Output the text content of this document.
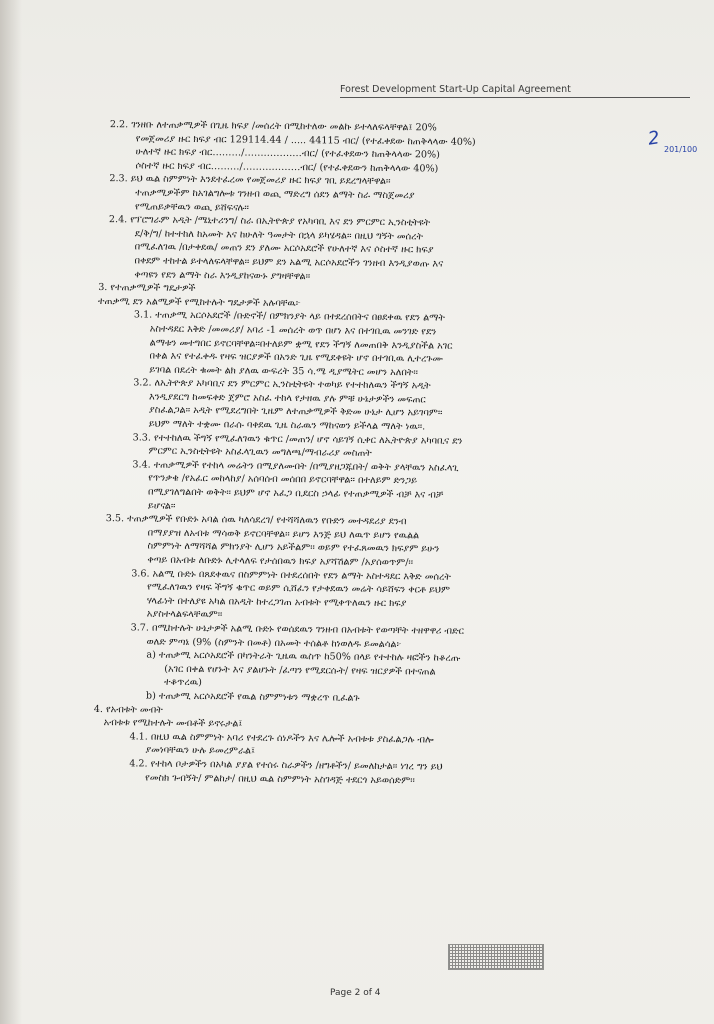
Forest Development Start-Up Capital Agreement
2 201/100
2.2. ገንዘቡ ለተጠቃሚዎች በጊዜ ክፍያ /መሰረት በሚከተለው መልኩ ይተላለፍላቸዋል፤ 20%
የመጀመሪያ ዙር ክፍያ ብር 129114.44 / ..... 44115 ብር/ (የተፈቀደው ከጠቅላላው 40%)
ሁለተኛ ዙር ክፍያ ብር………/………………ብር/ (የተፈቀደውን ከጠቅላላው 20%)
ሶስተኛ ዙር ክፍያ ብር………/………………ብር/ (የተፈቀደውን ከጠቅላላው 40%)
2.3. ይህ ዉል ስምምነት እንደተፈረመ የመጀመሪያ ዙር ክፍያ ገቢ ይደረግላቸዋል፡፡
ተጠቃሚዎችም ከአገልግሎቱ ገንዘብ ወጪ ማድረግ ሰደን ልማት ስራ ማስጀመሪያ
የሚጠይቃቸዉን ወጪ ይሸፍናሉ፡፡
2.4. የፕሮግራም አዲት /ሜኒተሪንግ/ ስራ በኢትዮጵያ የአካባቢ እና ደን ምርምር ኢንስቲትዩት
ደ/ቅ/ግ/ ከተተከለ ከአመት እና ከሁለት ዓመታት በኋላ ይካሄዳል፡፡ በዚህ ግኝት መሰረት
በሚፈለገዉ /በታቀደዉ/ መጠን ደን ያለሙ አርሶአደሮች የሁለተኛ እና ሶስተኛ ዙር ክፍያ
በቀደም ተከተል ይተላለፍላቸዋል፡፡ ይህም ደን አልሚ አርሶአደሮችን ገንዘብ እንዲያወጡ እና
ቀጣዩን የደን ልማት ስራ እንዲያከናውኑ ያግዛቸዋል፡፡
3. የተጠቃሚዎች ግዴታዎች
ተጠቃሚ ደን አልሚዎች የሚከተሉት ግዴታዎች አሉባቸዉ፦
3.1. ተጠቃሚ አርሶአደሮች /ቡድኖች/ በምክንያት ላይ በተደረሰበትና በፀደቀዉ የደን ልማት
አስተዳደር እቅድ /መመሪያ/ አባሪ -1 መሰረት ወጥ በሆነ እና በተገቢዉ መንገድ የደን
ልማቱን መተግበር ይኖርባቸዋል፡፡በተለይም ቋሚ የደን ችግኝ ለመጠበቅ እንዲያስችል አገር
በቀል እና የተፈቀዱ የዛፍ ዝርያዎች በአንድ ጊዜ የሚደቀዩት ሆኖ በተገቢዉ ሊተረጉሙ
ይገባል በደረት ቁመት ልክ ያለዉ ውፍረት 35 ሳ.ሜ ዲያሜትር መሆን አለበት፡፡
3.2. ለኢትዮጵያ አካባቢና ደን ምርምር ኢንስቲትዩት ተወካይ የተተከለዉን ችግኝ አዲት
እንዲያደርግ ከመፍቀድ ጀምሮ አስፈ ተከላ የታዘዉ ያሉ ምቹ ሁኔታዎችን መፍጠር
ያስፈልጋል፡፡ አዲት የሚደረግበት ጊዜም ለተጠቃሚዎች ቅድመ ሁኔታ ሊሆን አይገባም፡፡
ይህም ማለት ተቋሙ በራሱ ባቀደዉ ጊዜ ስራዉን ማከናወን ይችላል ማለት ነዉ፡፡.
3.3. የተተከለዉ ችግኝ የሚፈለገዉን ቁጥር /መጠን/ ሆኖ ሳይገኝ ሲቀር ለኢትዮጵያ አካባቢና ደን
ምርምር ኢንስቲትዩት አስፈላጊዉን መግለጫ/ማብራሪያ መስጠት
3.4. ተጠቃሚዎች የተከላ መሬትን በሚያለሙበት /በሚያዘጋጁበት/ ወቅት ያላቸዉን አስፈላጊ
የጥንቃቄ /የአፈር መከላከያ/ አሰባሰብ መሰበበ ይኖርባቸዋል፡፡ በተለይም ድንጋይ
በሚያገለግልበት ወቅት፡፡ ይህም ሆኖ አፈጋ ቢደርስ ኃላፊ የተጠቃሚዎች ብቻ እና ብቻ
ይሆናል፡፡
3.5. ተጠቃሚዎች የቡድኑ አባል ሰዉ ካለሳደረገ/ የተሻሻለዉን የቡድን መተዳደሪያ ደንብ
በማያያዝ ለአብቱ ማሳወቅ ይኖርባቸዋል፡፡ ይሆን እንጅ ይህ ለዉጥ ይሆን የዉልል
ስምምነት ለማሻሻል ምክንያት ሊሆን አይችልም፡፡ ወይም የተፈጸመዉን ክፍያም ይሁን
ቀጣይ በአብቱ ለቡድኑ ሊተላለፍ የታሰበዉን ክፍያ አያሻሽልም /አያሰወጥም/፡፡
3.6. አልሚ ቡድኑ በጸደቀዉና በስምምነት በተደረሰበት የደን ልማት አስተዳደር እቅድ መሰረት
የሚፈለገዉን የዛፍ ችግኝ ቁጥር ወይም ሲሸፈን የታቀደዉን መሬት ሳይሸፍን ቀርቶ ይህም
ሃላፊነት በተለያዩ አካል በአዲት ከተረጋገጠ አብቱት የሚቀጥለዉን ዙር ክፍያ
አያስተላልፍላቸዉም፡፡
3.7. በሚከተሉት ሁኔታዎች አልሚ ቡድኑ የወሰደዉን ገንዘብ በአብቱት የወጣቸት ተዘዋዋሪ ብድር
ወለድ ምጣኔ (9% (ስምንት በመቶ) በአመት ተሰልቶ ከነወለዱ ይመልሳል፦
a) ተጠቃሚ አርሶአደሮች በካንትራት ጊዜዉ ዉስጥ ከ50% በላይ የተተከሉ ዛፎችን ከቆረጡ
(አገር በቀል የሆኑት እና ያልሆኑት /ፈጣን የሚደርሱት/ የዛፍ ዝርያዎች በተናጠል
ተቆጥረዉ)
b) ተጠቃሚ አርሶአደሮች የዉል ስምምነቱን ማቋረጥ ቢፈልጉ
4. የአብቱት መብት
አብቱቱ የሚከተሉት መብቶች ይኖሩታል፤
4.1. በዚህ ዉል ስምምነት አባሪ የተደረጉ ሰነዶችን እና ሌሎች አብቱቱ ያስፈልጋሉ ብሎ
ያመነባቸዉን ሁሉ ይመረምራል፤
4.2. የተከላ ቦታዎችን በአካል ያያል የተሰሩ ስራዎችን /ዘግቶችን/ ይመለከታል፡፡ ነገረ ግን ይህ
የመስክ ጉብኝት/ ምልከታ/ በዚህ ዉል ስምምነት አስገዳጅ ተደርጎ አይወሰድም፡፡
Page 2 of 4
